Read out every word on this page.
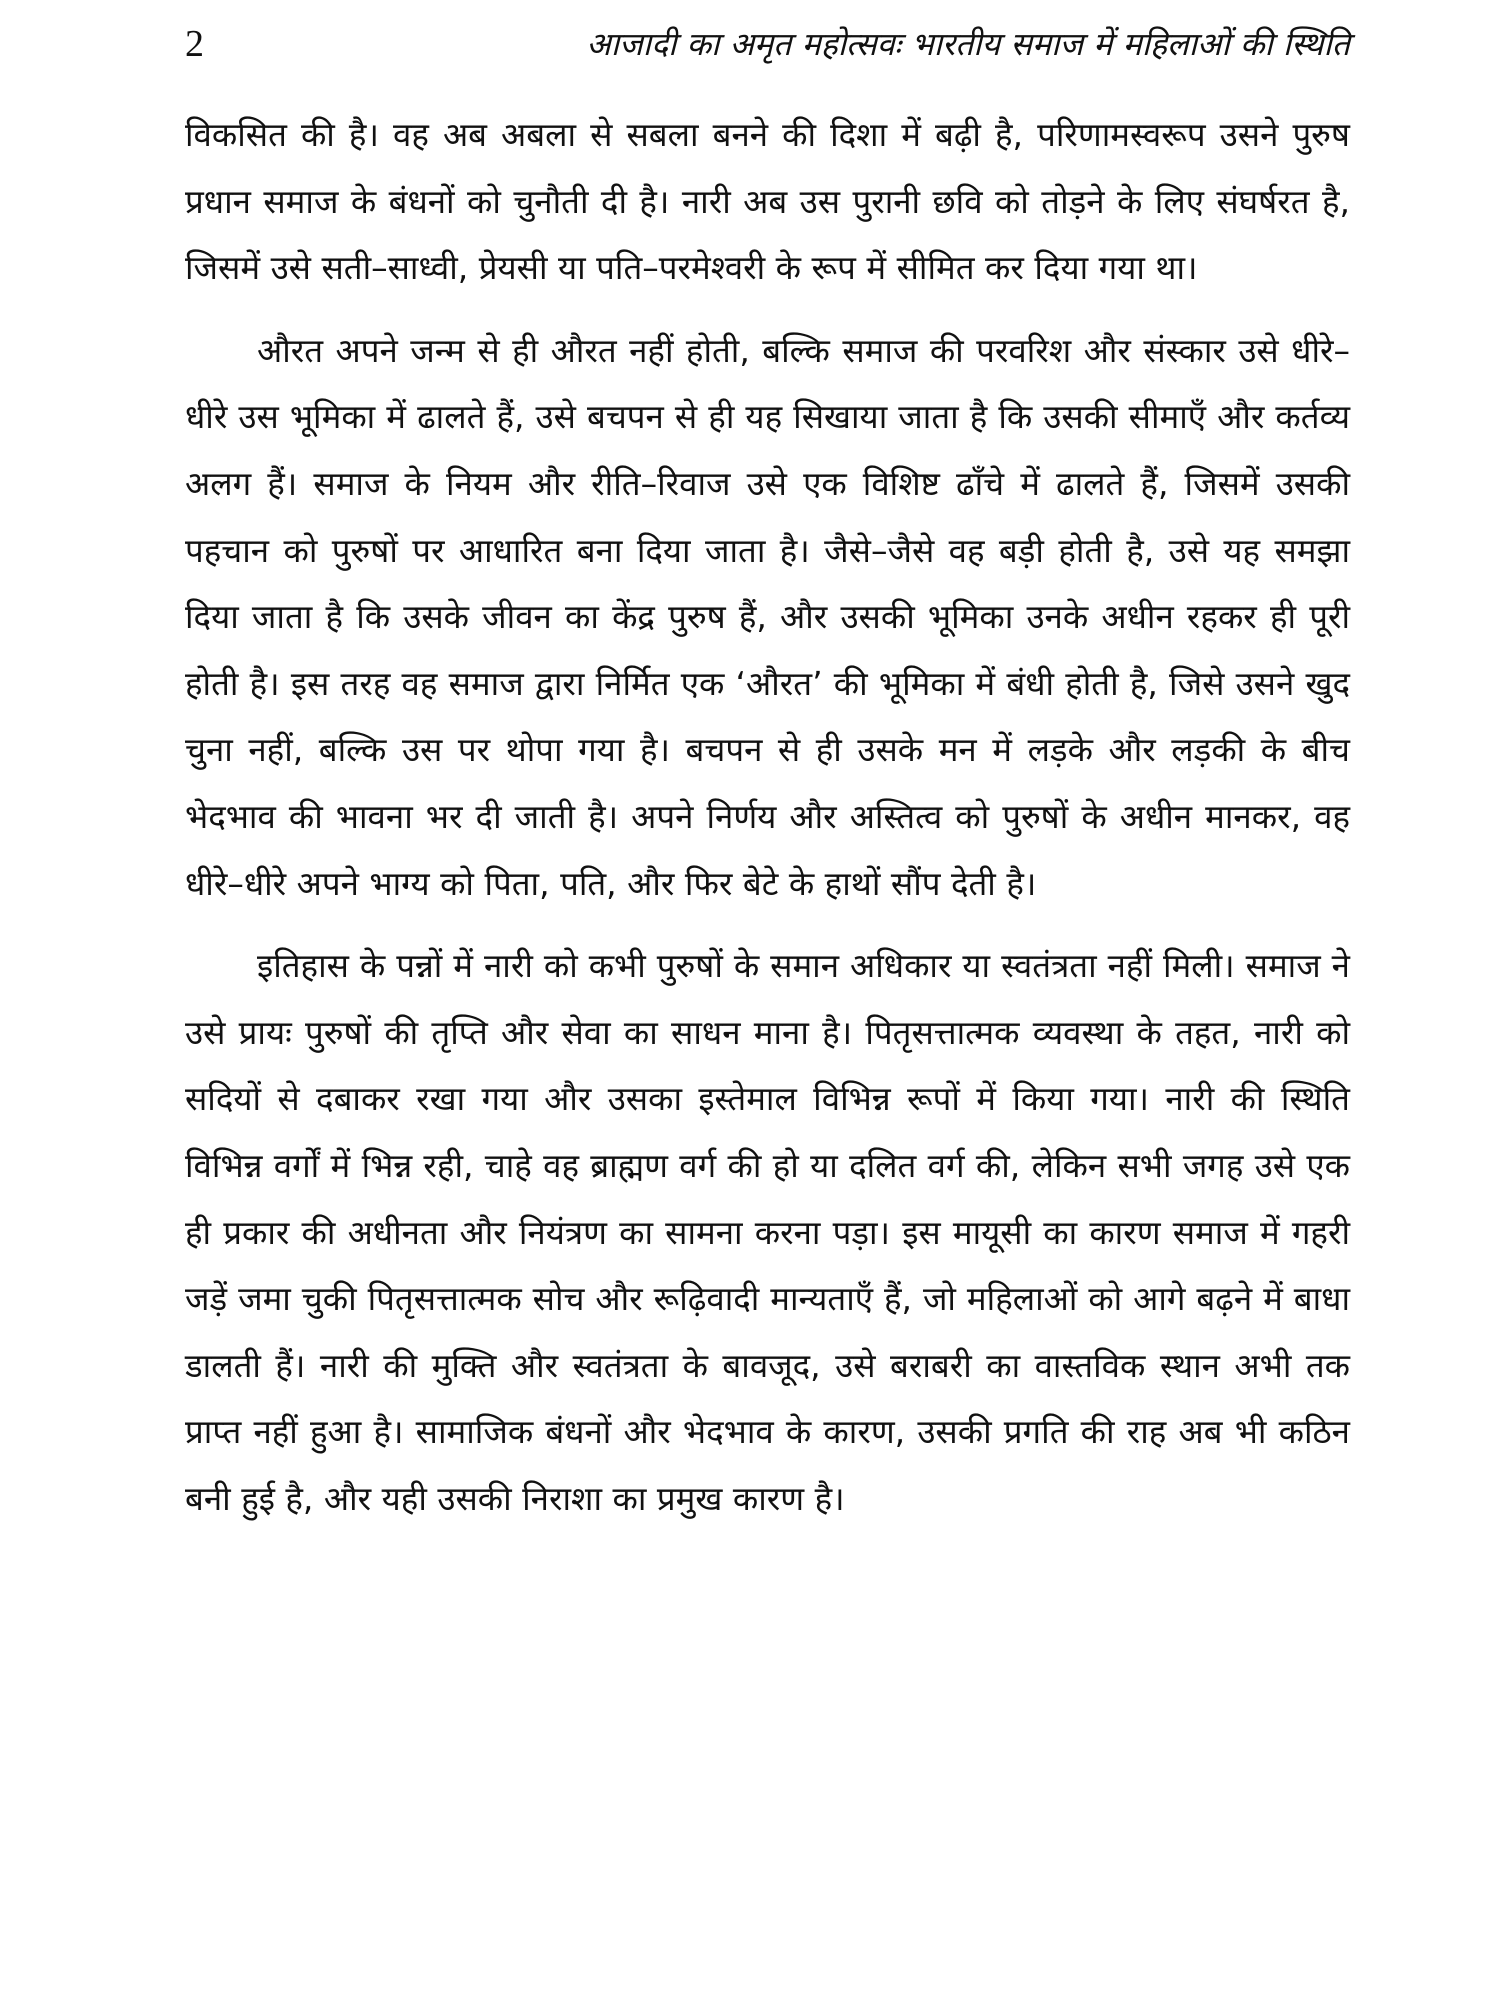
2	आजादी का अमृत महोत्सवः भारतीय समाज में महिलाओं की स्थिति

विकसित की है। वह अब अबला से सबला बनने की दिशा में बढ़ी है, परिणामस्वरूप उसने पुरुष प्रधान समाज के बंधनों को चुनौती दी है। नारी अब उस पुरानी छवि को तोड़ने के लिए संघर्षरत है, जिसमें उसे सती–साध्वी, प्रेयसी या पति–परमेश्वरी के रूप में सीमित कर दिया गया था।

औरत अपने जन्म से ही औरत नहीं होती, बल्कि समाज की परवरिश और संस्कार उसे धीरे–धीरे उस भूमिका में ढालते हैं, उसे बचपन से ही यह सिखाया जाता है कि उसकी सीमाएँ और कर्तव्य अलग हैं। समाज के नियम और रीति–रिवाज उसे एक विशिष्ट ढाँचे में ढालते हैं, जिसमें उसकी पहचान को पुरुषों पर आधारित बना दिया जाता है। जैसे–जैसे वह बड़ी होती है, उसे यह समझा दिया जाता है कि उसके जीवन का केंद्र पुरुष हैं, और उसकी भूमिका उनके अधीन रहकर ही पूरी होती है। इस तरह वह समाज द्वारा निर्मित एक ‘औरत’ की भूमिका में बंधी होती है, जिसे उसने खुद चुना नहीं, बल्कि उस पर थोपा गया है। बचपन से ही उसके मन में लड़के और लड़की के बीच भेदभाव की भावना भर दी जाती है। अपने निर्णय और अस्तित्व को पुरुषों के अधीन मानकर, वह धीरे–धीरे अपने भाग्य को पिता, पति, और फिर बेटे के हाथों सौंप देती है।

इतिहास के पन्नों में नारी को कभी पुरुषों के समान अधिकार या स्वतंत्रता नहीं मिली। समाज ने उसे प्रायः पुरुषों की तृप्ति और सेवा का साधन माना है। पितृसत्तात्मक व्यवस्था के तहत, नारी को सदियों से दबाकर रखा गया और उसका इस्तेमाल विभिन्न रूपों में किया गया। नारी की स्थिति विभिन्न वर्गों में भिन्न रही, चाहे वह ब्राह्मण वर्ग की हो या दलित वर्ग की, लेकिन सभी जगह उसे एक ही प्रकार की अधीनता और नियंत्रण का सामना करना पड़ा। इस मायूसी का कारण समाज में गहरी जड़ें जमा चुकी पितृसत्तात्मक सोच और रूढ़िवादी मान्यताएँ हैं, जो महिलाओं को आगे बढ़ने में बाधा डालती हैं। नारी की मुक्ति और स्वतंत्रता के बावजूद, उसे बराबरी का वास्तविक स्थान अभी तक प्राप्त नहीं हुआ है। सामाजिक बंधनों और भेदभाव के कारण, उसकी प्रगति की राह अब भी कठिन बनी हुई है, और यही उसकी निराशा का प्रमुख कारण है।
